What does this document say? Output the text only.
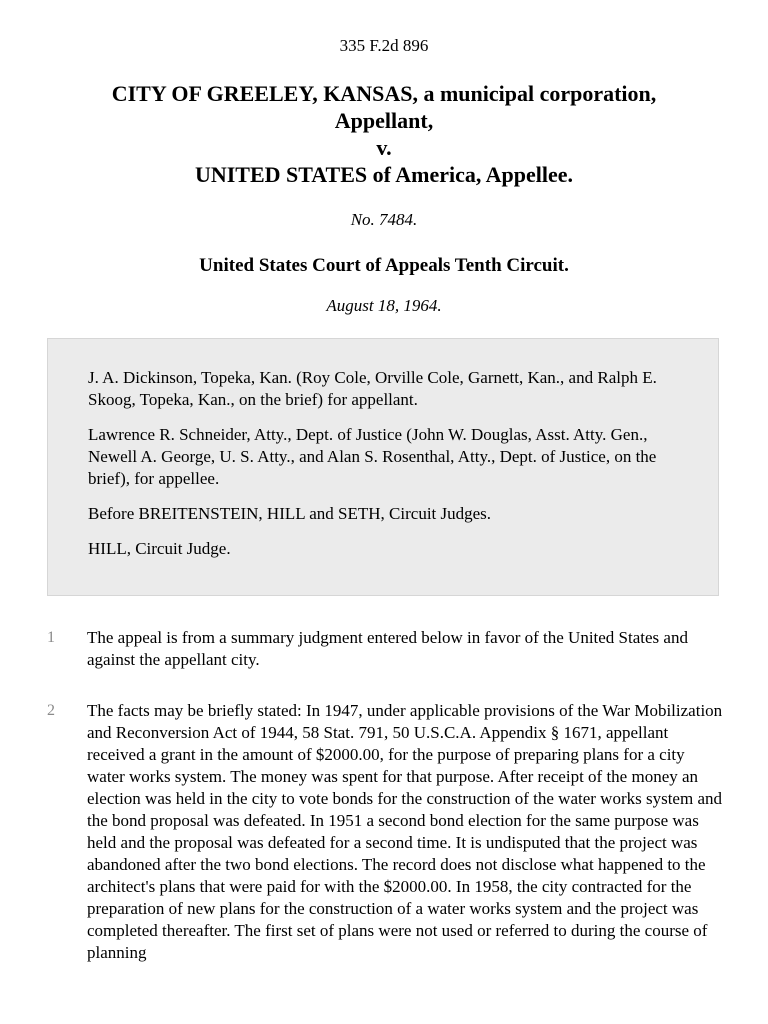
335 F.2d 896
CITY OF GREELEY, KANSAS, a municipal corporation,
Appellant,
v.
UNITED STATES of America, Appellee.
No. 7484.
United States Court of Appeals Tenth Circuit.
August 18, 1964.

J. A. Dickinson, Topeka, Kan. (Roy Cole, Orville Cole, Garnett, Kan., and Ralph E. Skoog, Topeka, Kan., on the brief) for appellant.

Lawrence R. Schneider, Atty., Dept. of Justice (John W. Douglas, Asst. Atty. Gen., Newell A. George, U. S. Atty., and Alan S. Rosenthal, Atty., Dept. of Justice, on the brief), for appellee.

Before BREITENSTEIN, HILL and SETH, Circuit Judges.

HILL, Circuit Judge.

1 The appeal is from a summary judgment entered below in favor of the United States and against the appellant city.

2 The facts may be briefly stated: In 1947, under applicable provisions of the War Mobilization and Reconversion Act of 1944, 58 Stat. 791, 50 U.S.C.A. Appendix § 1671, appellant received a grant in the amount of $2000.00, for the purpose of preparing plans for a city water works system. The money was spent for that purpose. After receipt of the money an election was held in the city to vote bonds for the construction of the water works system and the bond proposal was defeated. In 1951 a second bond election for the same purpose was held and the proposal was defeated for a second time. It is undisputed that the project was abandoned after the two bond elections. The record does not disclose what happened to the architect's plans that were paid for with the $2000.00. In 1958, the city contracted for the preparation of new plans for the construction of a water works system and the project was completed thereafter. The first set of plans were not used or referred to during the course of planning
